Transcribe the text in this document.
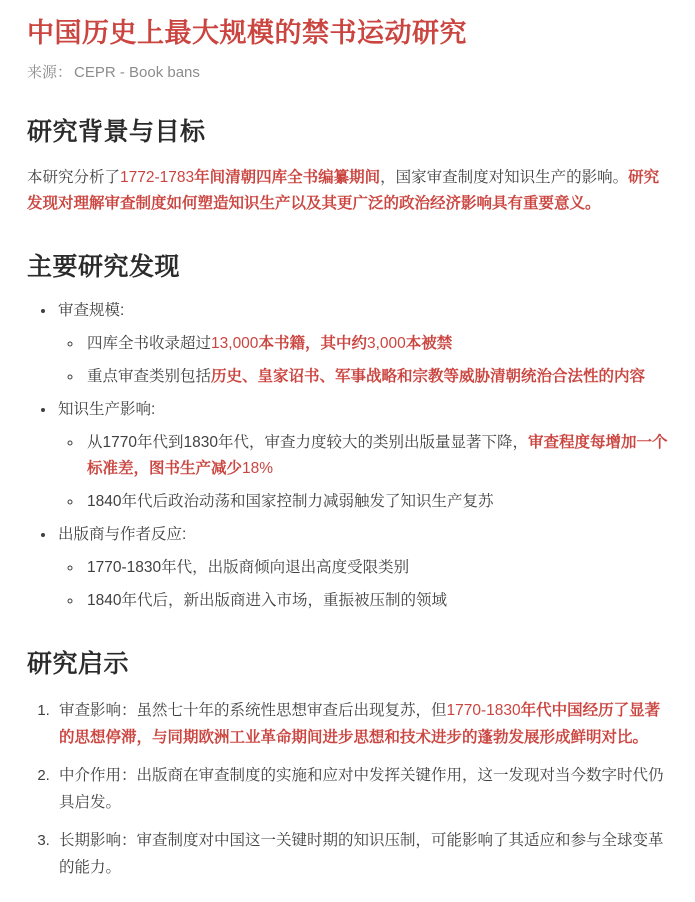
中国历史上最大规模的禁书运动研究
来源： CEPR - Book bans
研究背景与目标

本研究分析了1772-1783年间清朝四库全书编纂期间，国家审查制度对知识生产的影响。研究发现对理解审查制度如何塑造知识生产以及其更广泛的政治经济影响具有重要意义。

主要研究发现
• 审查规模:
◦ 四库全书收录超过13,000本书籍，其中约3,000本被禁
◦ 重点审查类别包括历史、皇家诏书、军事战略和宗教等威胁清朝统治合法性的内容
• 知识生产影响:
◦ 从1770年代到1830年代，审查力度较大的类别出版量显著下降，审查程度每增加一个标准差，图书生产减少18%
◦ 1840年代后政治动荡和国家控制力减弱触发了知识生产复苏
• 出版商与作者反应:
◦ 1770-1830年代，出版商倾向退出高度受限类别
◦ 1840年代后，新出版商进入市场，重振被压制的领域
研究启示
1. 审查影响：虽然七十年的系统性思想审查后出现复苏，但1770-1830年代中国经历了显著的思想停滞，与同期欧洲工业革命期间进步思想和技术进步的蓬勃发展形成鲜明对比。
2. 中介作用：出版商在审查制度的实施和应对中发挥关键作用，这一发现对当今数字时代仍具启发。
3. 长期影响：审查制度对中国这一关键时期的知识压制，可能影响了其适应和参与全球变革的能力。
